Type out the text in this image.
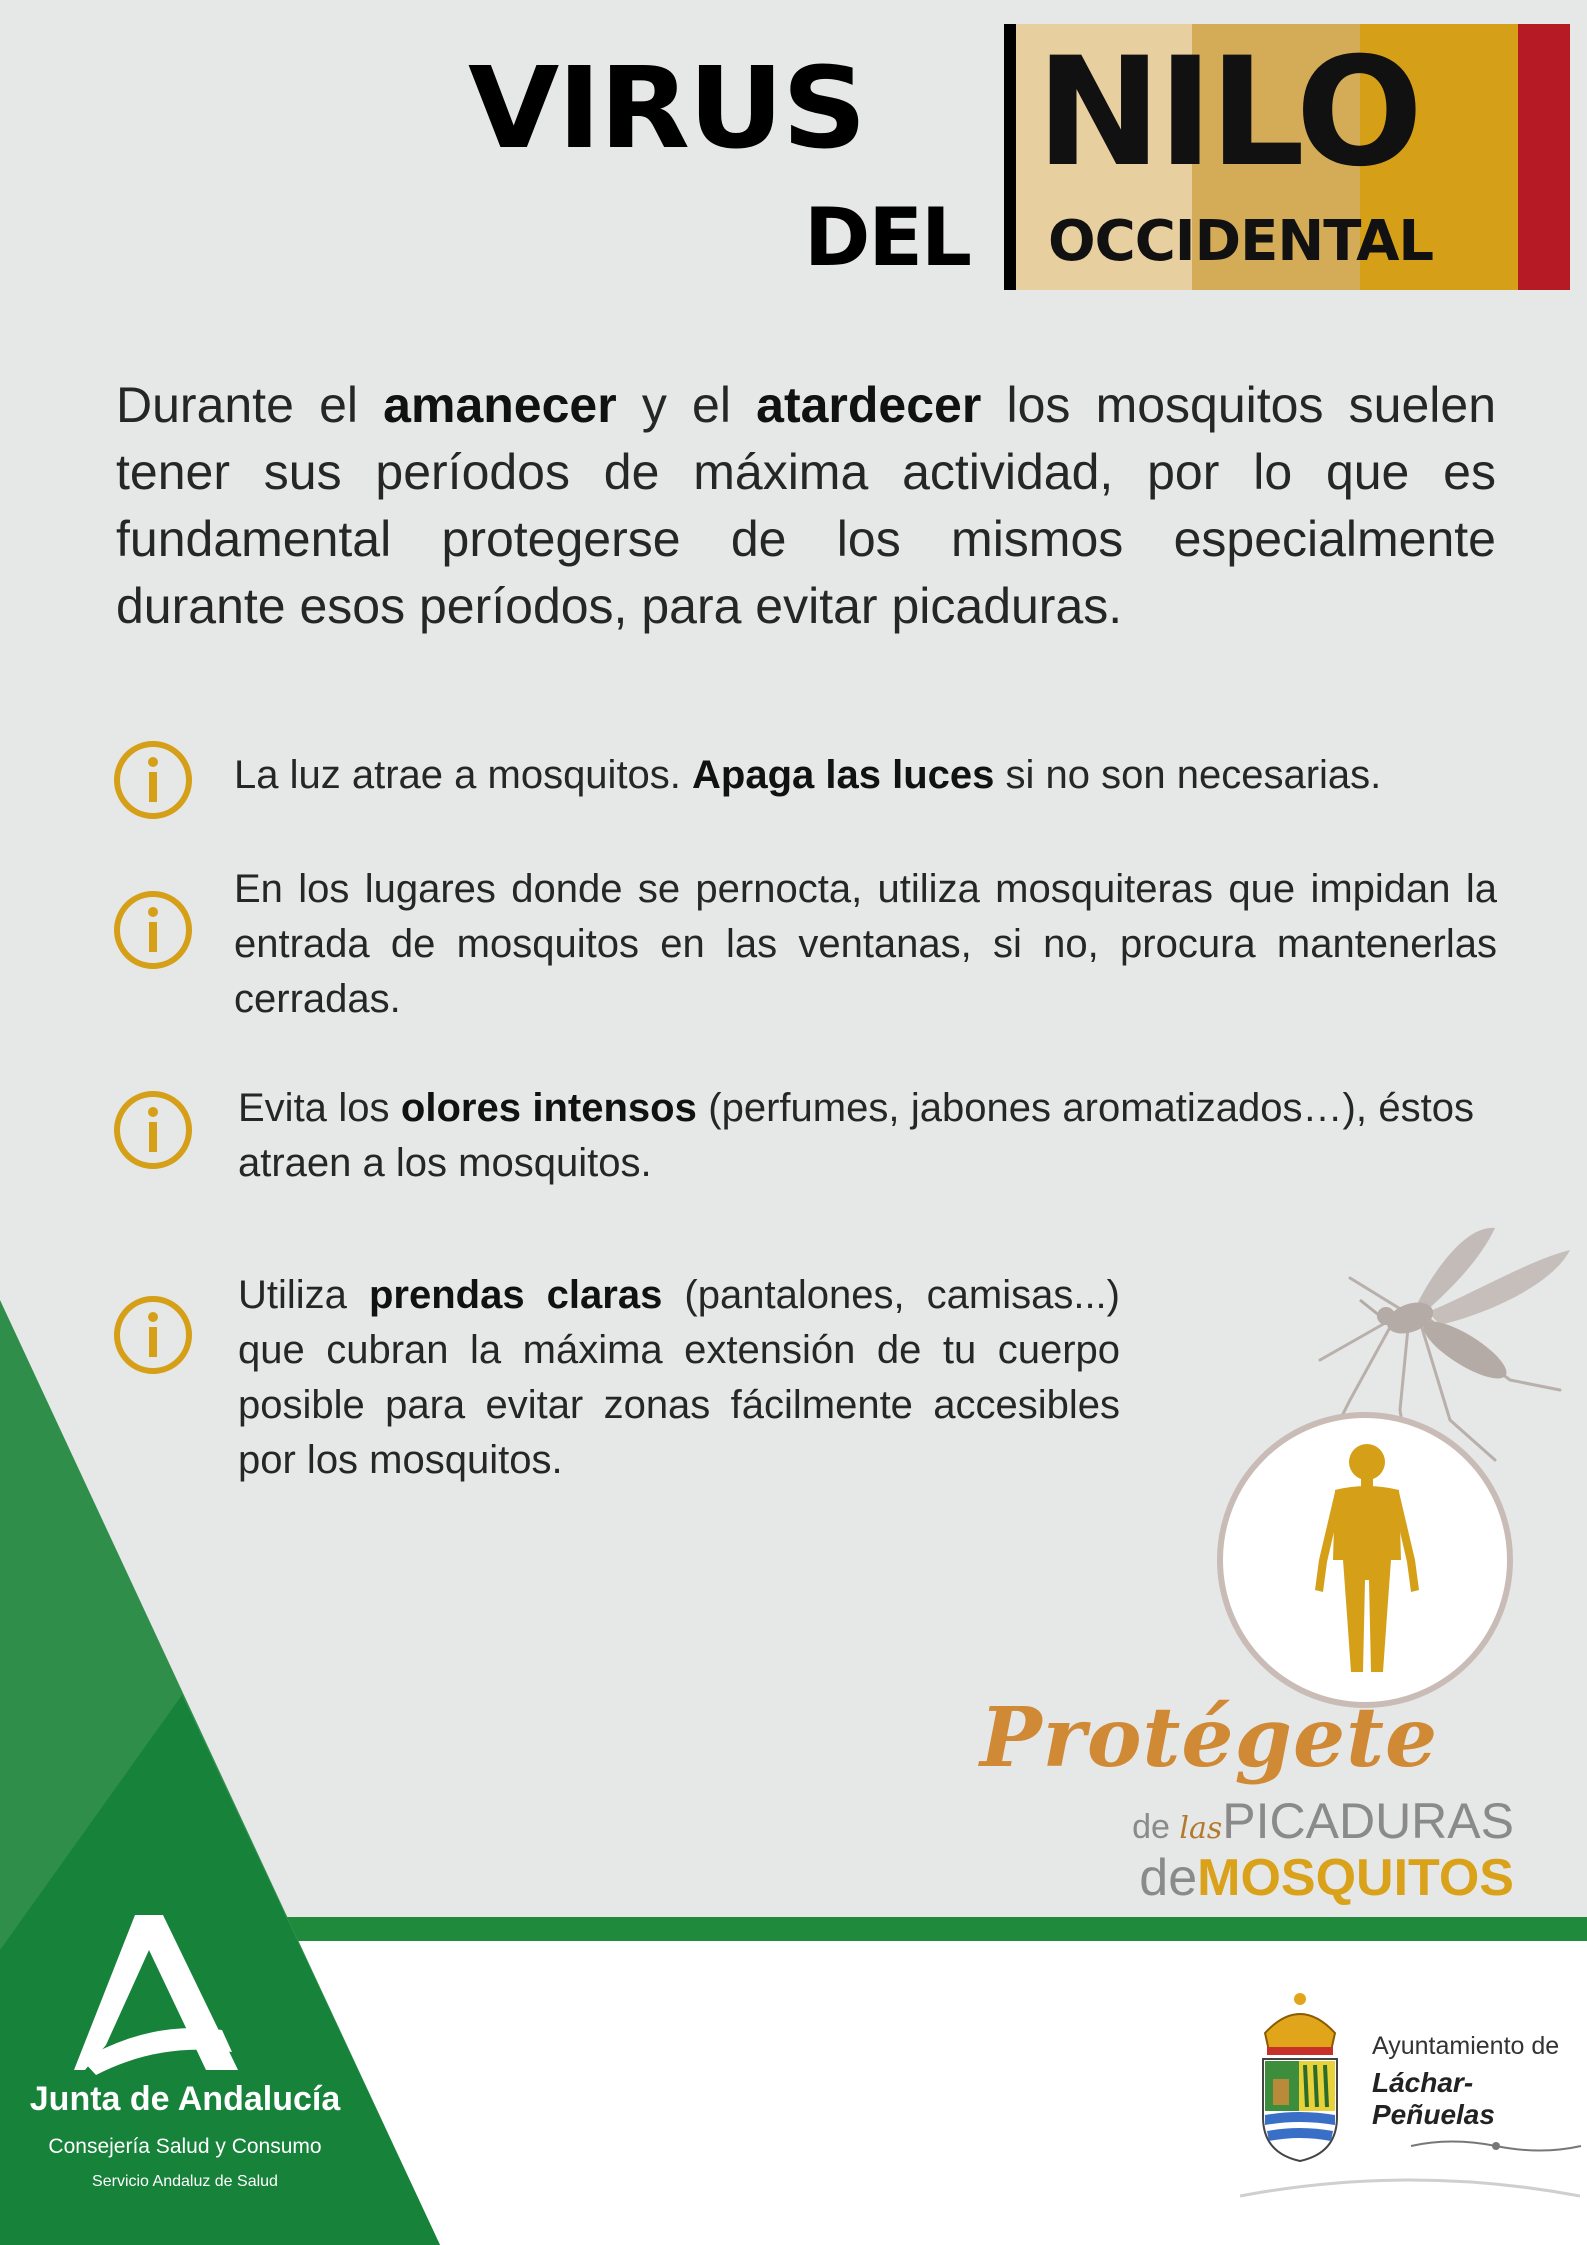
VIRUS
DEL
NILO
OCCIDENTAL
Durante el amanecer y el atardecer los mosquitos suelen tener sus períodos de máxima actividad, por lo que es fundamental protegerse de los mismos especialmente durante esos períodos, para evitar picaduras.
La luz atrae a mosquitos. Apaga las luces si no son necesarias.
En los lugares donde se pernocta, utiliza mosquiteras que impidan la entrada de mosquitos en las ventanas, si no, procura mantenerlas cerradas.
Evita los olores intensos (perfumes, jabones aromatizados…), éstos atraen a los mosquitos.
Utiliza prendas claras (pantalones, camisas...) que cubran la máxima extensión de tu cuerpo posible para evitar zonas fácilmente accesibles por los mosquitos.
Protégete
de lasPICADURAS
deMOSQUITOS
Junta de Andalucía
Consejería Salud y Consumo
Servicio Andaluz de Salud
Ayuntamiento de
Láchar-Peñuelas
